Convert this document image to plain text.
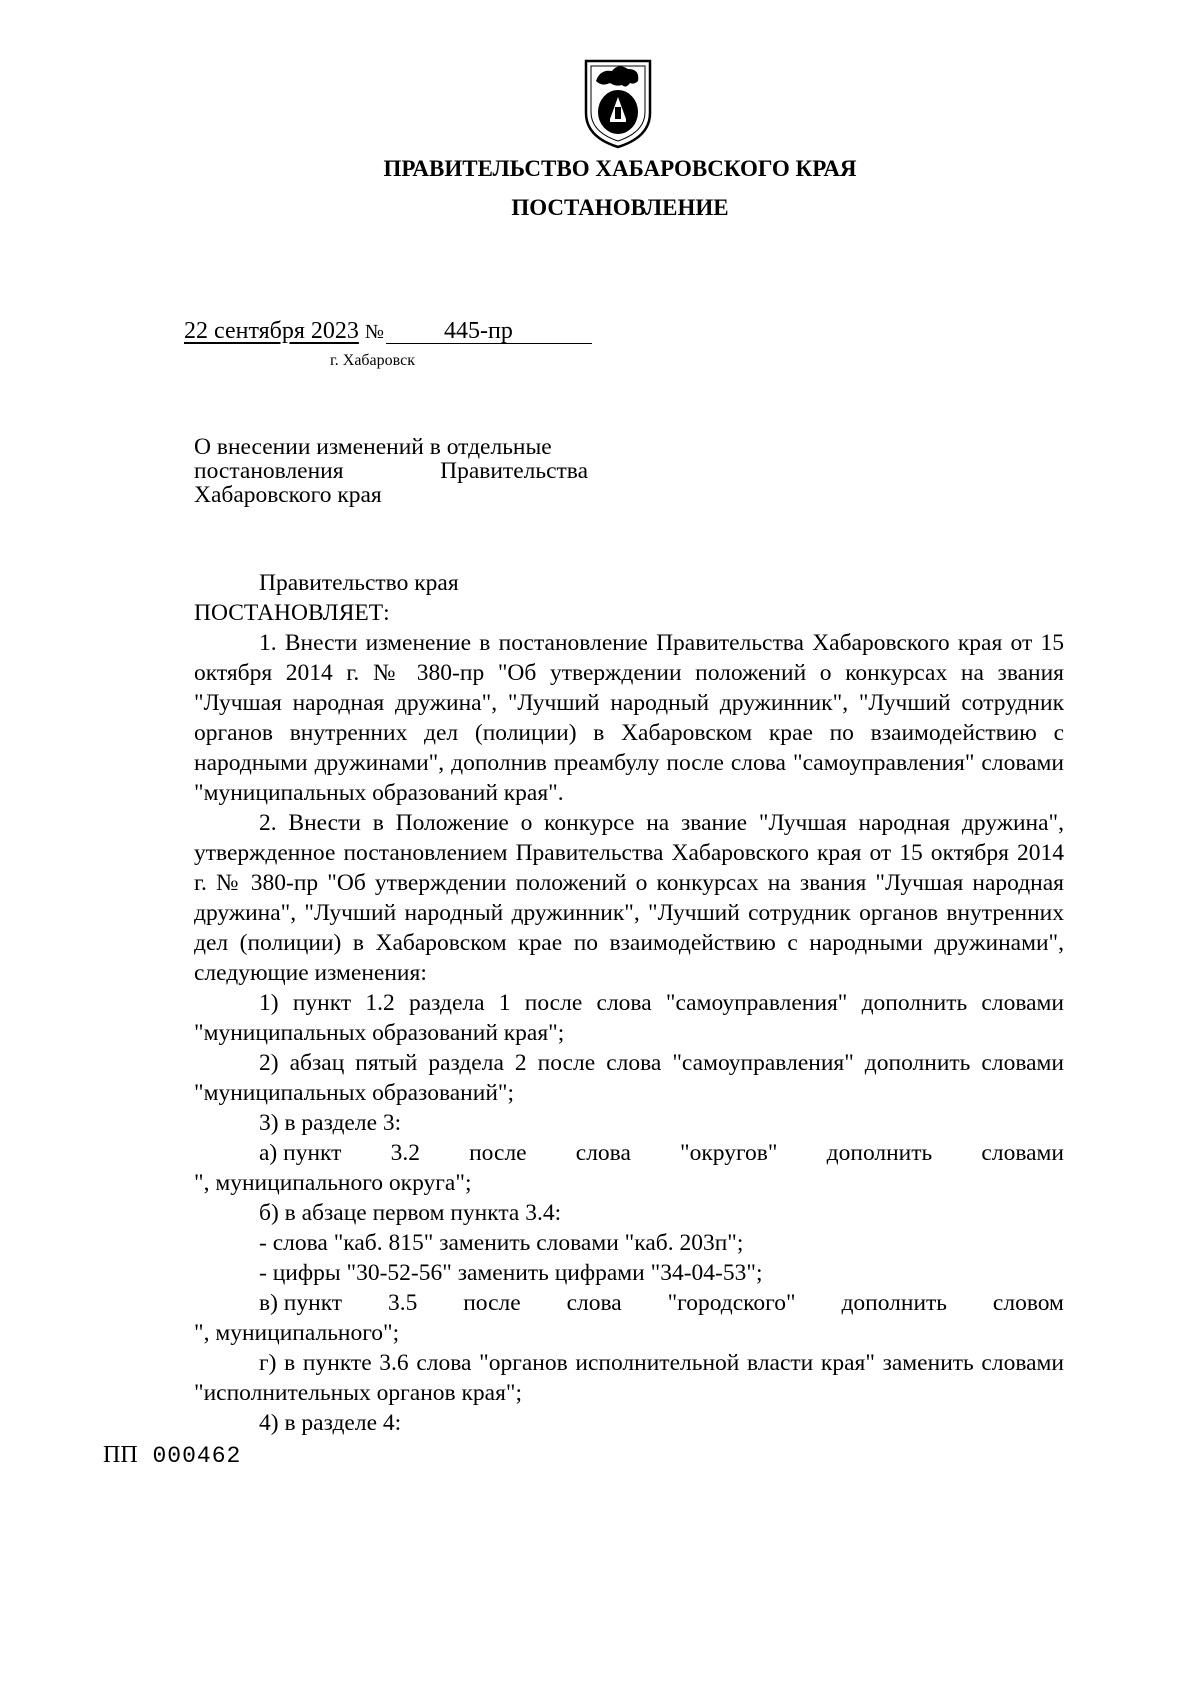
ПРАВИТЕЛЬСТВО ХАБАРОВСКОГО КРАЯ
ПОСТАНОВЛЕНИЕ
22 сентября 2023 №	445-пр
г. Хабаровск
О внесении изменений в отдельные
постановления	Правительства
Хабаровского края

Правительство края

ПОСТАНОВЛЯЕТ:

1. Внести изменение в постановление Правительства Хабаровского края от 15 октября 2014 г. № 380-пр "Об утверждении положений о конкурсах на звания "Лучшая народная дружина", "Лучший народный дружинник", "Лучший сотрудник органов внутренних дел (полиции) в Хабаровском крае по взаимодействию с народными дружинами", дополнив преамбулу после слова "самоуправления" словами "муниципальных образований края".

2. Внести в Положение о конкурсе на звание "Лучшая народная дружина", утвержденное постановлением Правительства Хабаровского края от 15 октября 2014 г. № 380-пр "Об утверждении положений о конкурсах на звания "Лучшая народная дружина", "Лучший народный дружинник", "Лучший сотрудник органов внутренних дел (полиции) в Хабаровском крае по взаимодействию с народными дружинами", следующие изменения:

1) пункт 1.2 раздела 1 после слова "самоуправления" дополнить словами "муниципальных образований края";

2) абзац пятый раздела 2 после слова "самоуправления" дополнить словами "муниципальных образований";

3) в разделе 3:

а) пункт 3.2 после слова "округов" дополнить словами

", муниципального округа";

б) в абзаце первом пункта 3.4:

- слова "каб. 815" заменить словами "каб. 203п";

- цифры "30-52-56" заменить цифрами "34-04-53";

в) пункт 3.5 после слова "городского" дополнить словом

", муниципального";

г) в пункте 3.6 слова "органов исполнительной власти края" заменить словами "исполнительных органов края";

4) в разделе 4:

ПП 000462
